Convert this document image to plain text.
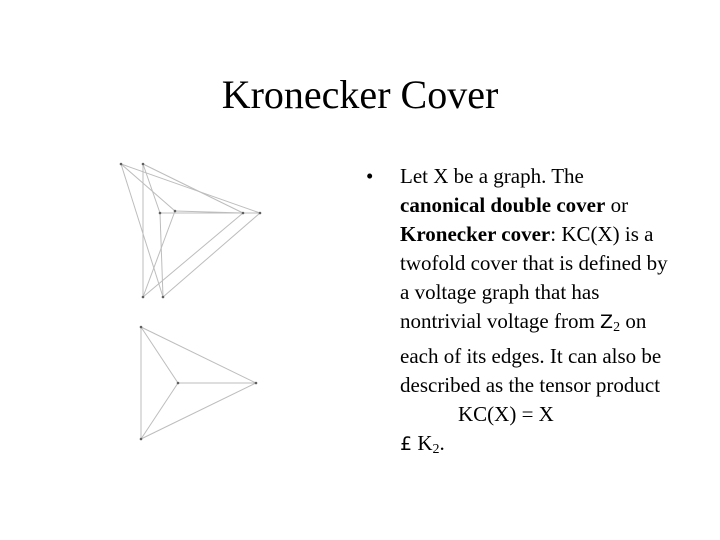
Kronecker Cover
• Let X be a graph. The canonical double cover or Kronecker cover: KC(X) is a twofold cover that is defined by a voltage graph that has nontrivial voltage from $Z_2$ on each of its edges. It can also be described as the tensor productKC(X) = X
£ $K_2$.
